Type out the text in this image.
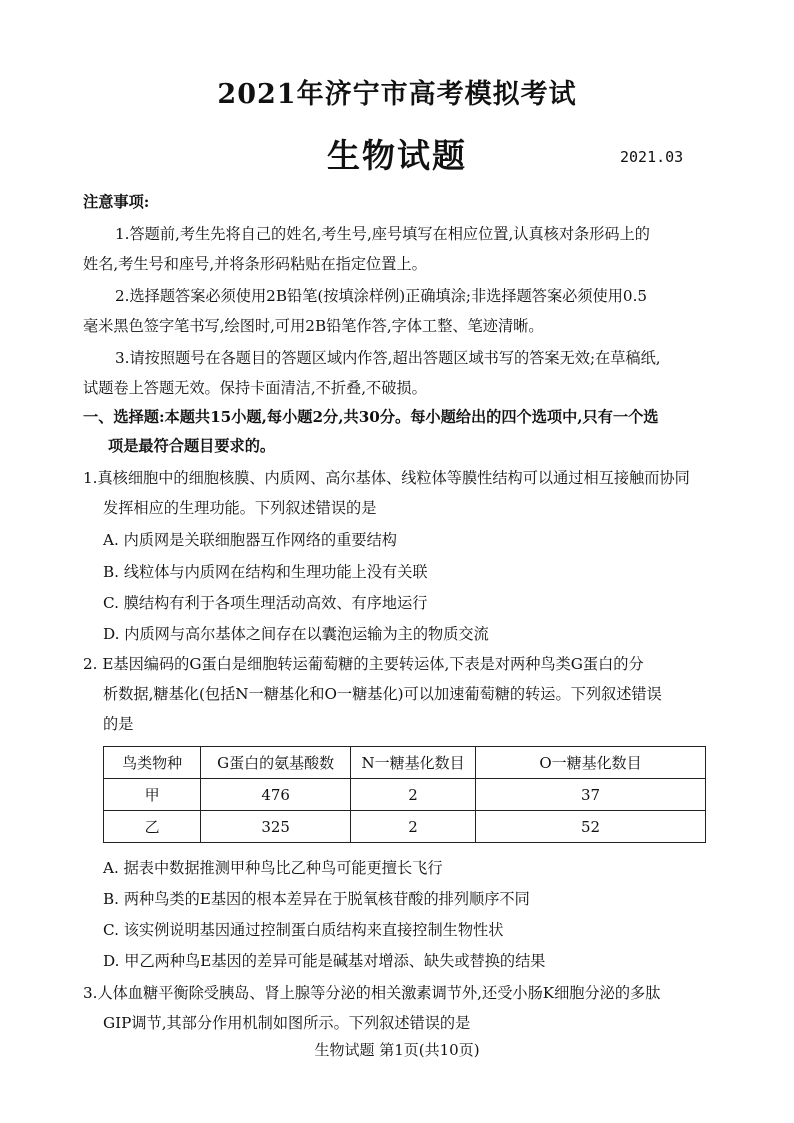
2021年济宁市高考模拟考试
生物试题	2021.03
注意事项:
1.答题前,考生先将自己的姓名,考生号,座号填写在相应位置,认真核对条形码上的
姓名,考生号和座号,并将条形码粘贴在指定位置上。
2.选择题答案必须使用2B铅笔(按填涂样例)正确填涂;非选择题答案必须使用0.5
毫米黑色签字笔书写,绘图时,可用2B铅笔作答,字体工整、笔迹清晰。
3.请按照题号在各题目的答题区域内作答,超出答题区域书写的答案无效;在草稿纸,
试题卷上答题无效。保持卡面清洁,不折叠,不破损。
一、选择题:本题共15小题,每小题2分,共30分。每小题给出的四个选项中,只有一个选
项是最符合题目要求的。
1.真核细胞中的细胞核膜、内质网、高尔基体、线粒体等膜性结构可以通过相互接触而协同
发挥相应的生理功能。下列叙述错误的是
A. 内质网是关联细胞器互作网络的重要结构
B. 线粒体与内质网在结构和生理功能上没有关联
C. 膜结构有利于各项生理活动高效、有序地运行
D. 内质网与高尔基体之间存在以囊泡运输为主的物质交流
2. E基因编码的G蛋白是细胞转运葡萄糖的主要转运体,下表是对两种鸟类G蛋白的分
析数据,糖基化(包括N一糖基化和O一糖基化)可以加速葡萄糖的转运。下列叙述错误
的是
鸟类物种	G蛋白的氨基酸数	N一糖基化数目	O一糖基化数目
甲	476	2	37
乙	325	2	52
A. 据表中数据推测甲种鸟比乙种鸟可能更擅长飞行
B. 两种鸟类的E基因的根本差异在于脱氧核苷酸的排列顺序不同
C. 该实例说明基因通过控制蛋白质结构来直接控制生物性状
D. 甲乙两种鸟E基因的差异可能是碱基对增添、缺失或替换的结果
3.人体血糖平衡除受胰岛、肾上腺等分泌的相关激素调节外,还受小肠K细胞分泌的多肽
GIP调节,其部分作用机制如图所示。下列叙述错误的是
生物试题 第1页(共10页)
